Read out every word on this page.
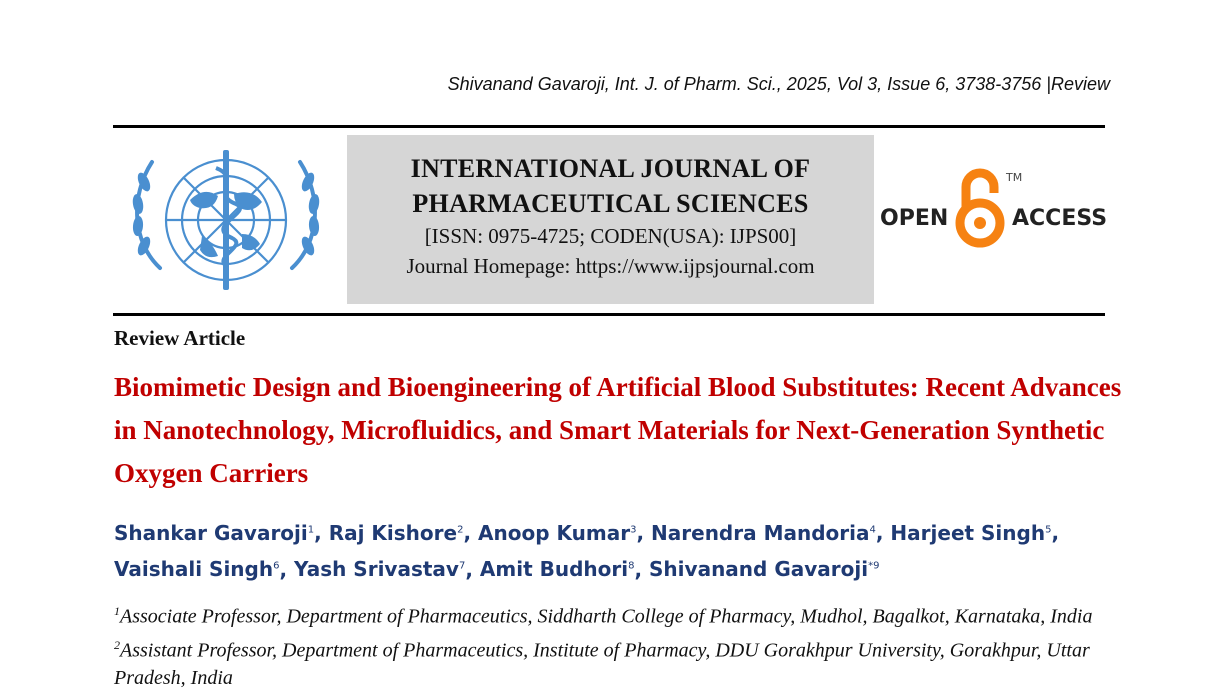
Shivanand Gavaroji, Int. J. of Pharm. Sci., 2025, Vol 3, Issue 6, 3738-3756 |Review
INTERNATIONAL JOURNAL OF
PHARMACEUTICAL SCIENCES
[ISSN: 0975-4725; CODEN(USA): IJPS00]
Journal Homepage: https://www.ijpsjournal.com
OPEN	ACCESS
TM
Review Article
Biomimetic Design and Bioengineering of Artificial Blood Substitutes: Recent Advances in Nanotechnology, Microfluidics, and Smart Materials for Next-Generation Synthetic Oxygen Carriers
Shankar Gavaroji$^1$, Raj Kishore$^2$, Anoop Kumar$^3$, Narendra Mandoria$^4$, Harjeet Singh$^5$, Vaishali Singh$^6$, Yash Srivastav$^7$, Amit Budhori$^8$, Shivanand Gavaroji$^{*9}$

$^1$Associate Professor, Department of Pharmaceutics, Siddharth College of Pharmacy, Mudhol, Bagalkot, Karnataka, India

$^2$Assistant Professor, Department of Pharmaceutics, Institute of Pharmacy, DDU Gorakhpur University, Gorakhpur, Uttar Pradesh, India
